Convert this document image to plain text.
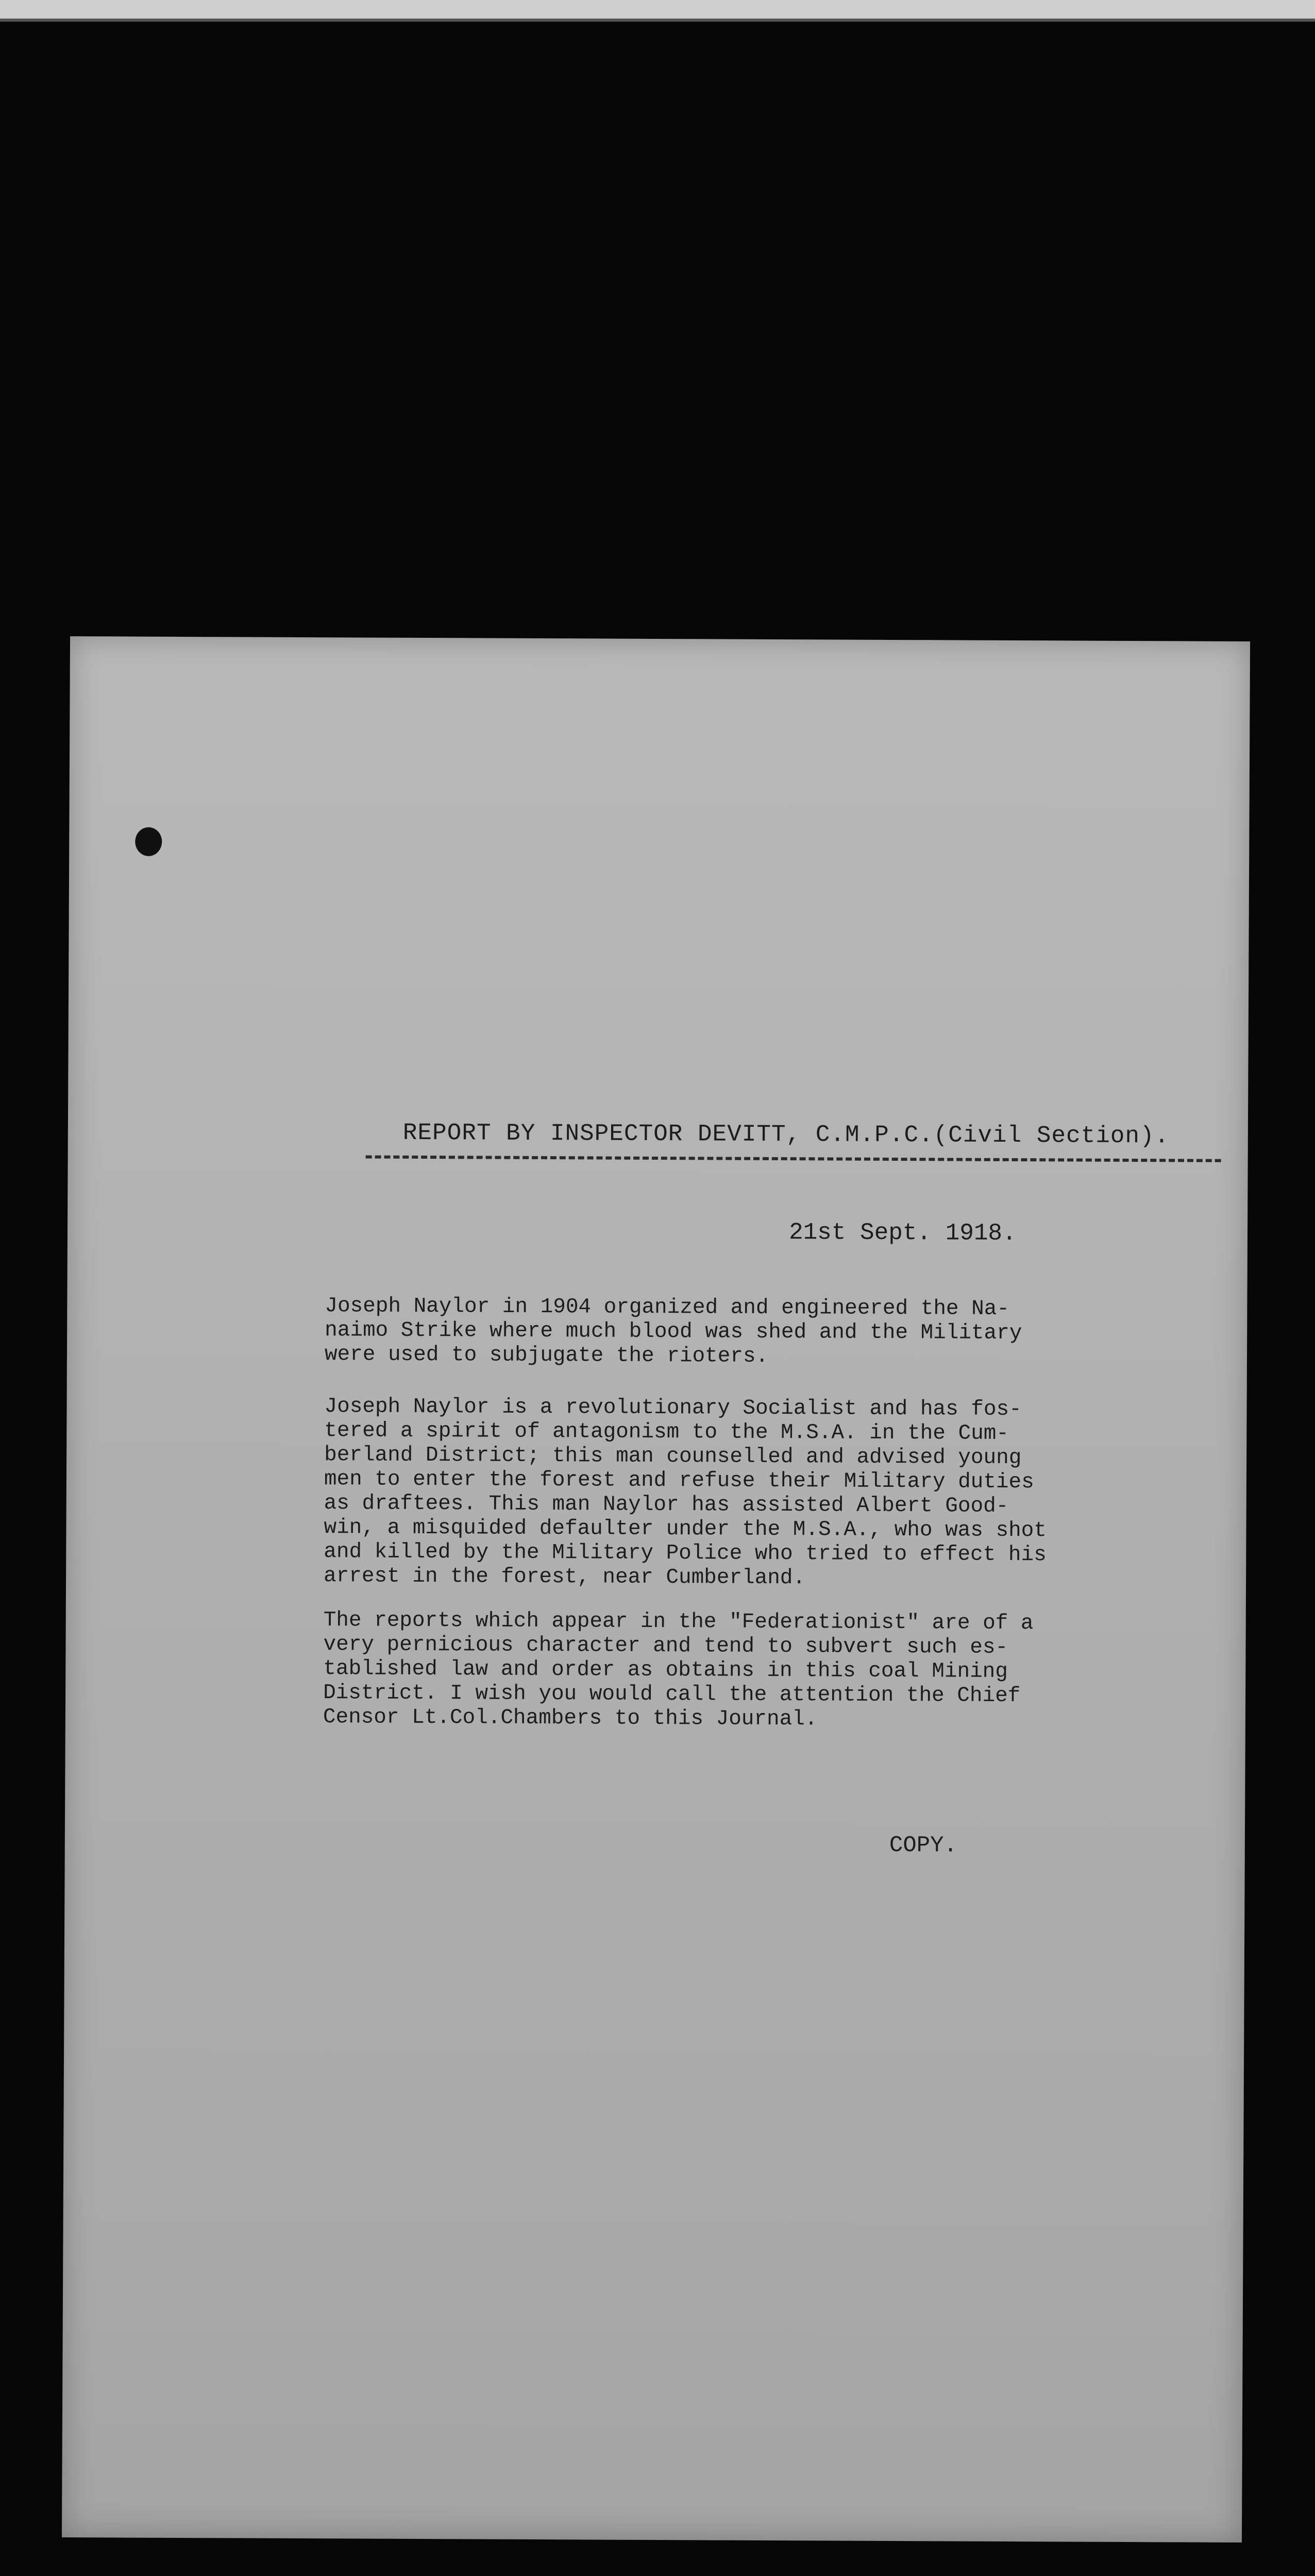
REPORT BY INSPECTOR DEVITT, C.M.P.C.(Civil Section).
21st Sept. 1918.
Joseph Naylor in 1904 organized and engineered the Na-
naimo Strike where much blood was shed and the Military
were used to subjugate the rioters.
Joseph Naylor is a revolutionary Socialist and has fos-
tered a spirit of antagonism to the M.S.A. in the Cum-
berland District; this man counselled and advised young
men to enter the forest and refuse their Military duties
as draftees. This man Naylor has assisted Albert Good-
win, a misquided defaulter under the M.S.A., who was shot
and killed by the Military Police who tried to effect his
arrest in the forest, near Cumberland.
The reports which appear in the "Federationist" are of a
very pernicious character and tend to subvert such es-
tablished law and order as obtains in this coal Mining
District. I wish you would call the attention the Chief
Censor Lt.Col.Chambers to this Journal.
COPY.
